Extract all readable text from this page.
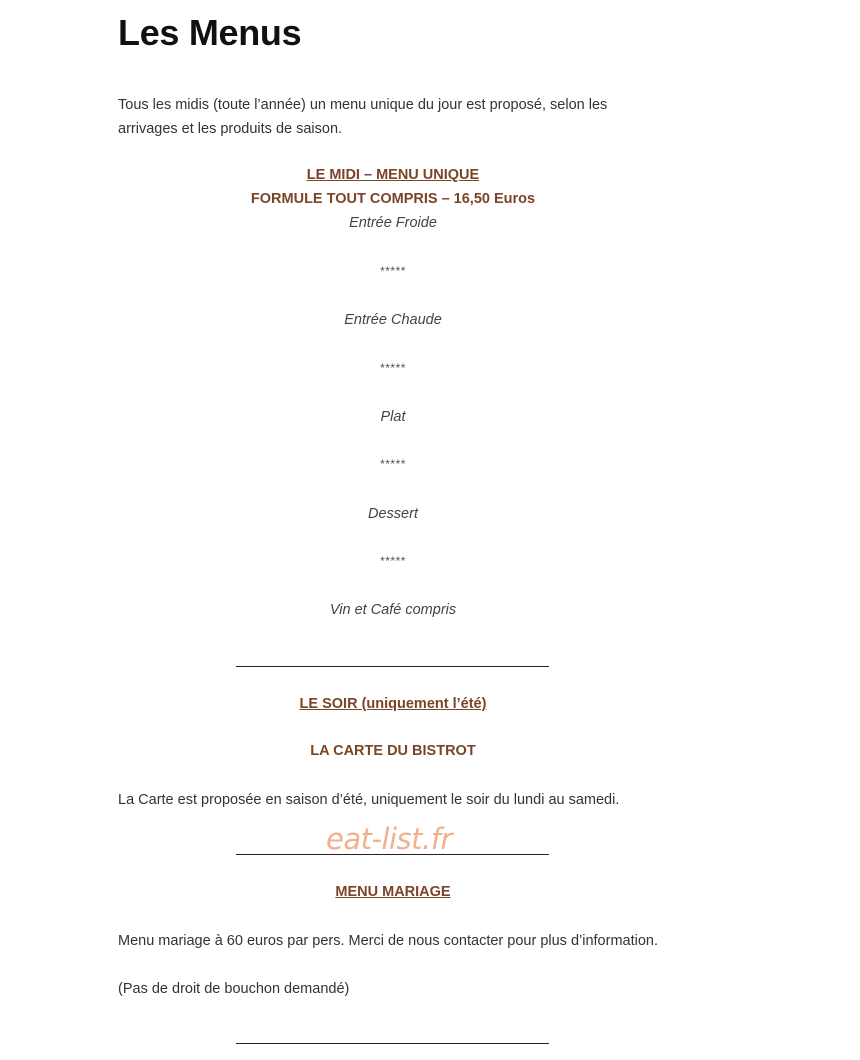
Les Menus

Tous les midis (toute l’année) un menu unique du jour est proposé, selon les arrivages et les produits de saison.

LE MIDI – MENU UNIQUE
FORMULE TOUT COMPRIS – 16,50 Euros
Entrée Froide
*****
Entrée Chaude
*****
Plat
*****
Dessert
*****
Vin et Café compris
LE SOIR (uniquement l’été)
LA CARTE DU BISTROT

La Carte est proposée en saison d’été, uniquement le soir du lundi au samedi.

eat-list.fr
MENU MARIAGE

Menu mariage à 60 euros par pers. Merci de nous contacter pour plus d’information.

(Pas de droit de bouchon demandé)
